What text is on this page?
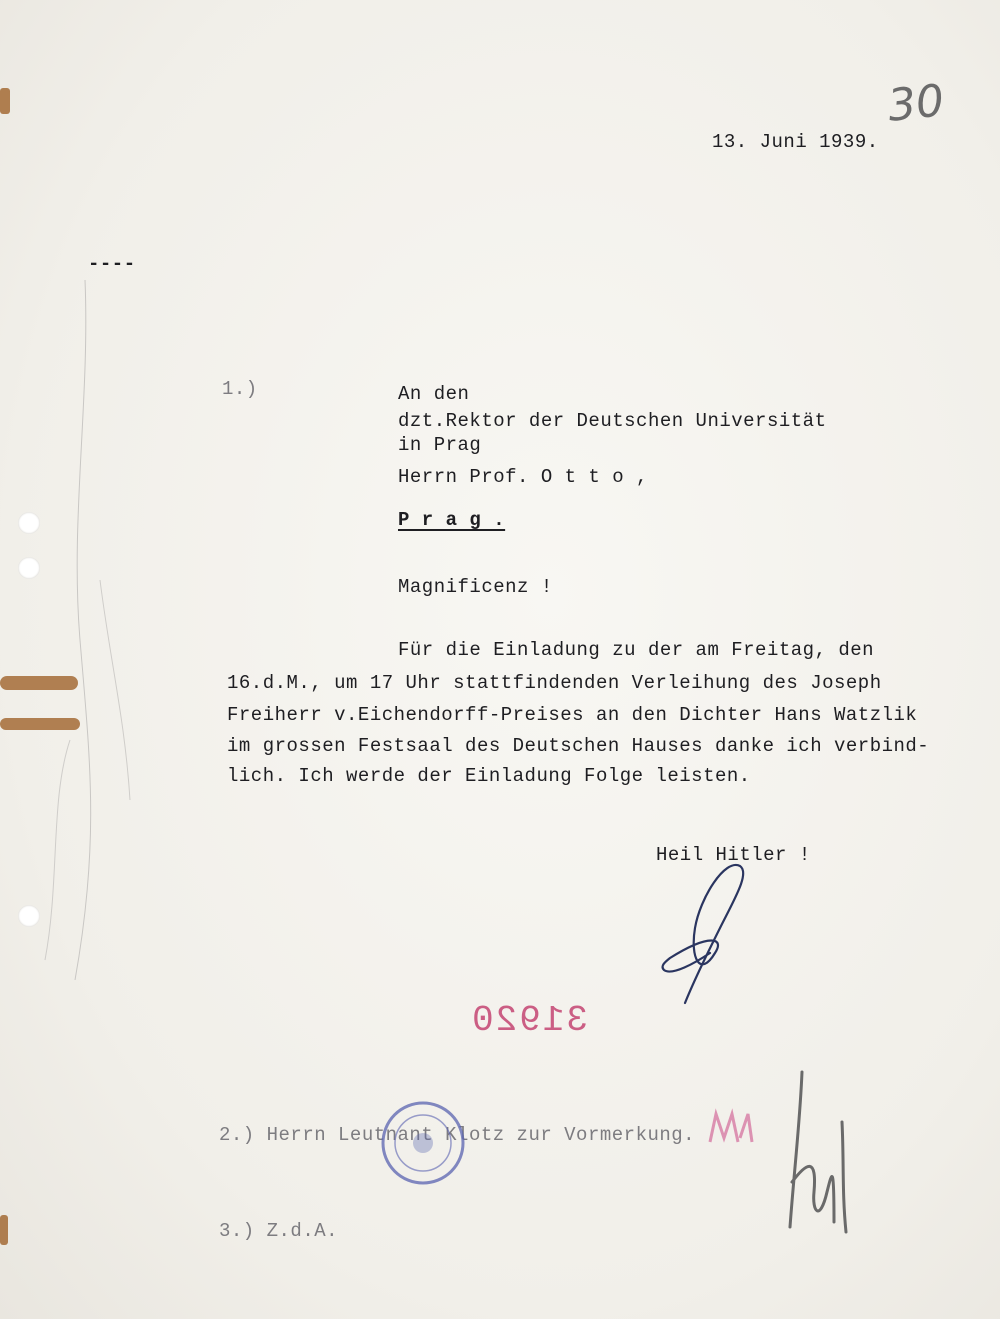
30
13. Juni 1939.
----
1.)	An den
dzt.Rektor der Deutschen Universität
in Prag
Herrn Prof. O t t o ,
P r a g .
Magnificenz !
Für die Einladung zu der am Freitag, den
16.d.M., um 17 Uhr stattfindenden Verleihung des Joseph
Freiherr v.Eichendorff-Preises an den Dichter Hans Watzlik
im grossen Festsaal des Deutschen Hauses danke ich verbind-
lich. Ich werde der Einladung Folge leisten.
Heil Hitler !
31920
2.) Herrn Leutnant Klotz zur Vormerkung.
3.) Z.d.A.
